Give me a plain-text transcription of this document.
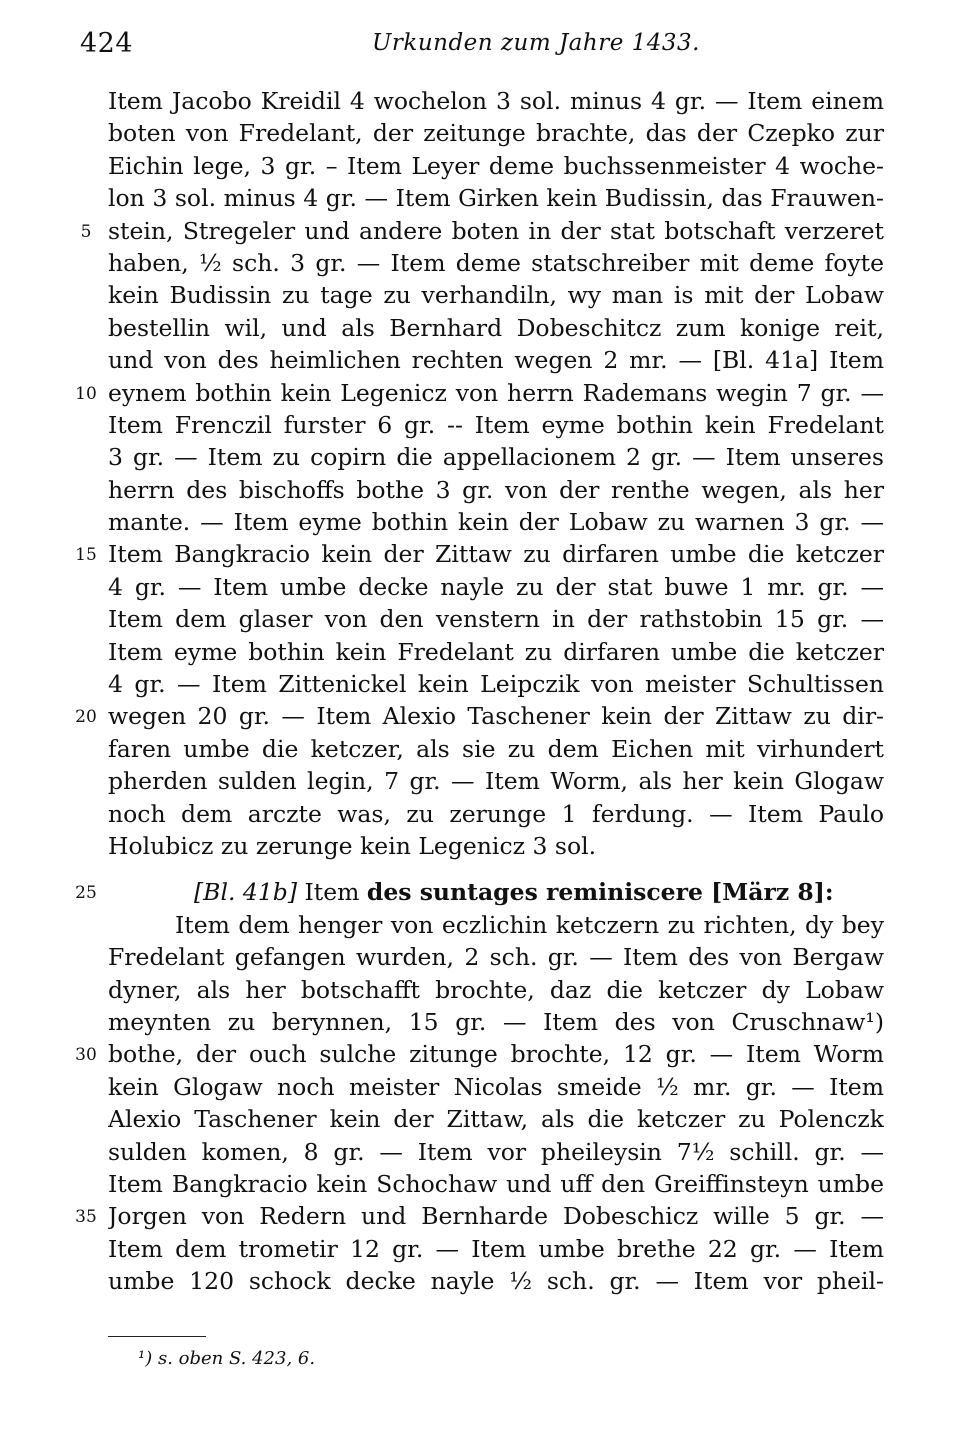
424	Urkunden zum Jahre 1433.
Item Jacobo Kreidil 4 wochelon 3 sol. minus 4 gr. — Item einem
boten von Fredelant, der zeitunge brachte, das der Czepko zur
Eichin lege, 3 gr. – Item Leyer deme buchssenmeister 4 woche-
lon 3 sol. minus 4 gr. — Item Girken kein Budissin, das Frauwen-
5 stein, Stregeler und andere boten in der stat botschaft verzeret
haben, ½ sch. 3 gr. — Item deme statschreiber mit deme foyte
kein Budissin zu tage zu verhandiln, wy man is mit der Lobaw
bestellin wil, und als Bernhard Dobeschitcz zum konige reit,
und von des heimlichen rechten wegen 2 mr. — [Bl. 41a] Item
10 eynem bothin kein Legenicz von herrn Rademans wegin 7 gr. —
Item Frenczil furster 6 gr. -- Item eyme bothin kein Fredelant
3 gr. — Item zu copirn die appellacionem 2 gr. — Item unseres
herrn des bischoffs bothe 3 gr. von der renthe wegen, als her
mante. — Item eyme bothin kein der Lobaw zu warnen 3 gr. —
15 Item Bangkracio kein der Zittaw zu dirfaren umbe die ketczer
4 gr. — Item umbe decke nayle zu der stat buwe 1 mr. gr. —
Item dem glaser von den venstern in der rathstobin 15 gr. —
Item eyme bothin kein Fredelant zu dirfaren umbe die ketczer
4 gr. — Item Zittenickel kein Leipczik von meister Schultissen
20 wegen 20 gr. — Item Alexio Taschener kein der Zittaw zu dir-
faren umbe die ketczer, als sie zu dem Eichen mit virhundert
pherden sulden legin, 7 gr. — Item Worm, als her kein Glogaw
noch dem arczte was, zu zerunge 1 ferdung. — Item Paulo
Holubicz zu zerunge kein Legenicz 3 sol.
25	[Bl. 41b] Item des suntages reminiscere [März 8]:
Item dem henger von eczlichin ketczern zu richten, dy bey
Fredelant gefangen wurden, 2 sch. gr. — Item des von Bergaw
dyner, als her botschafft brochte, daz die ketczer dy Lobaw
meynten zu berynnen, 15 gr. — Item des von Cruschnaw¹)
30 bothe, der ouch sulche zitunge brochte, 12 gr. — Item Worm
kein Glogaw noch meister Nicolas smeide ½ mr. gr. — Item
Alexio Taschener kein der Zittaw, als die ketczer zu Polenczk
sulden komen, 8 gr. — Item vor pheileysin 7½ schill. gr. —
Item Bangkracio kein Schochaw und uff den Greiffinsteyn umbe
35 Jorgen von Redern und Bernharde Dobeschicz wille 5 gr. —
Item dem trometir 12 gr. — Item umbe brethe 22 gr. — Item
umbe 120 schock decke nayle ½ sch. gr. — Item vor pheil-
¹) s. oben S. 423, 6.
